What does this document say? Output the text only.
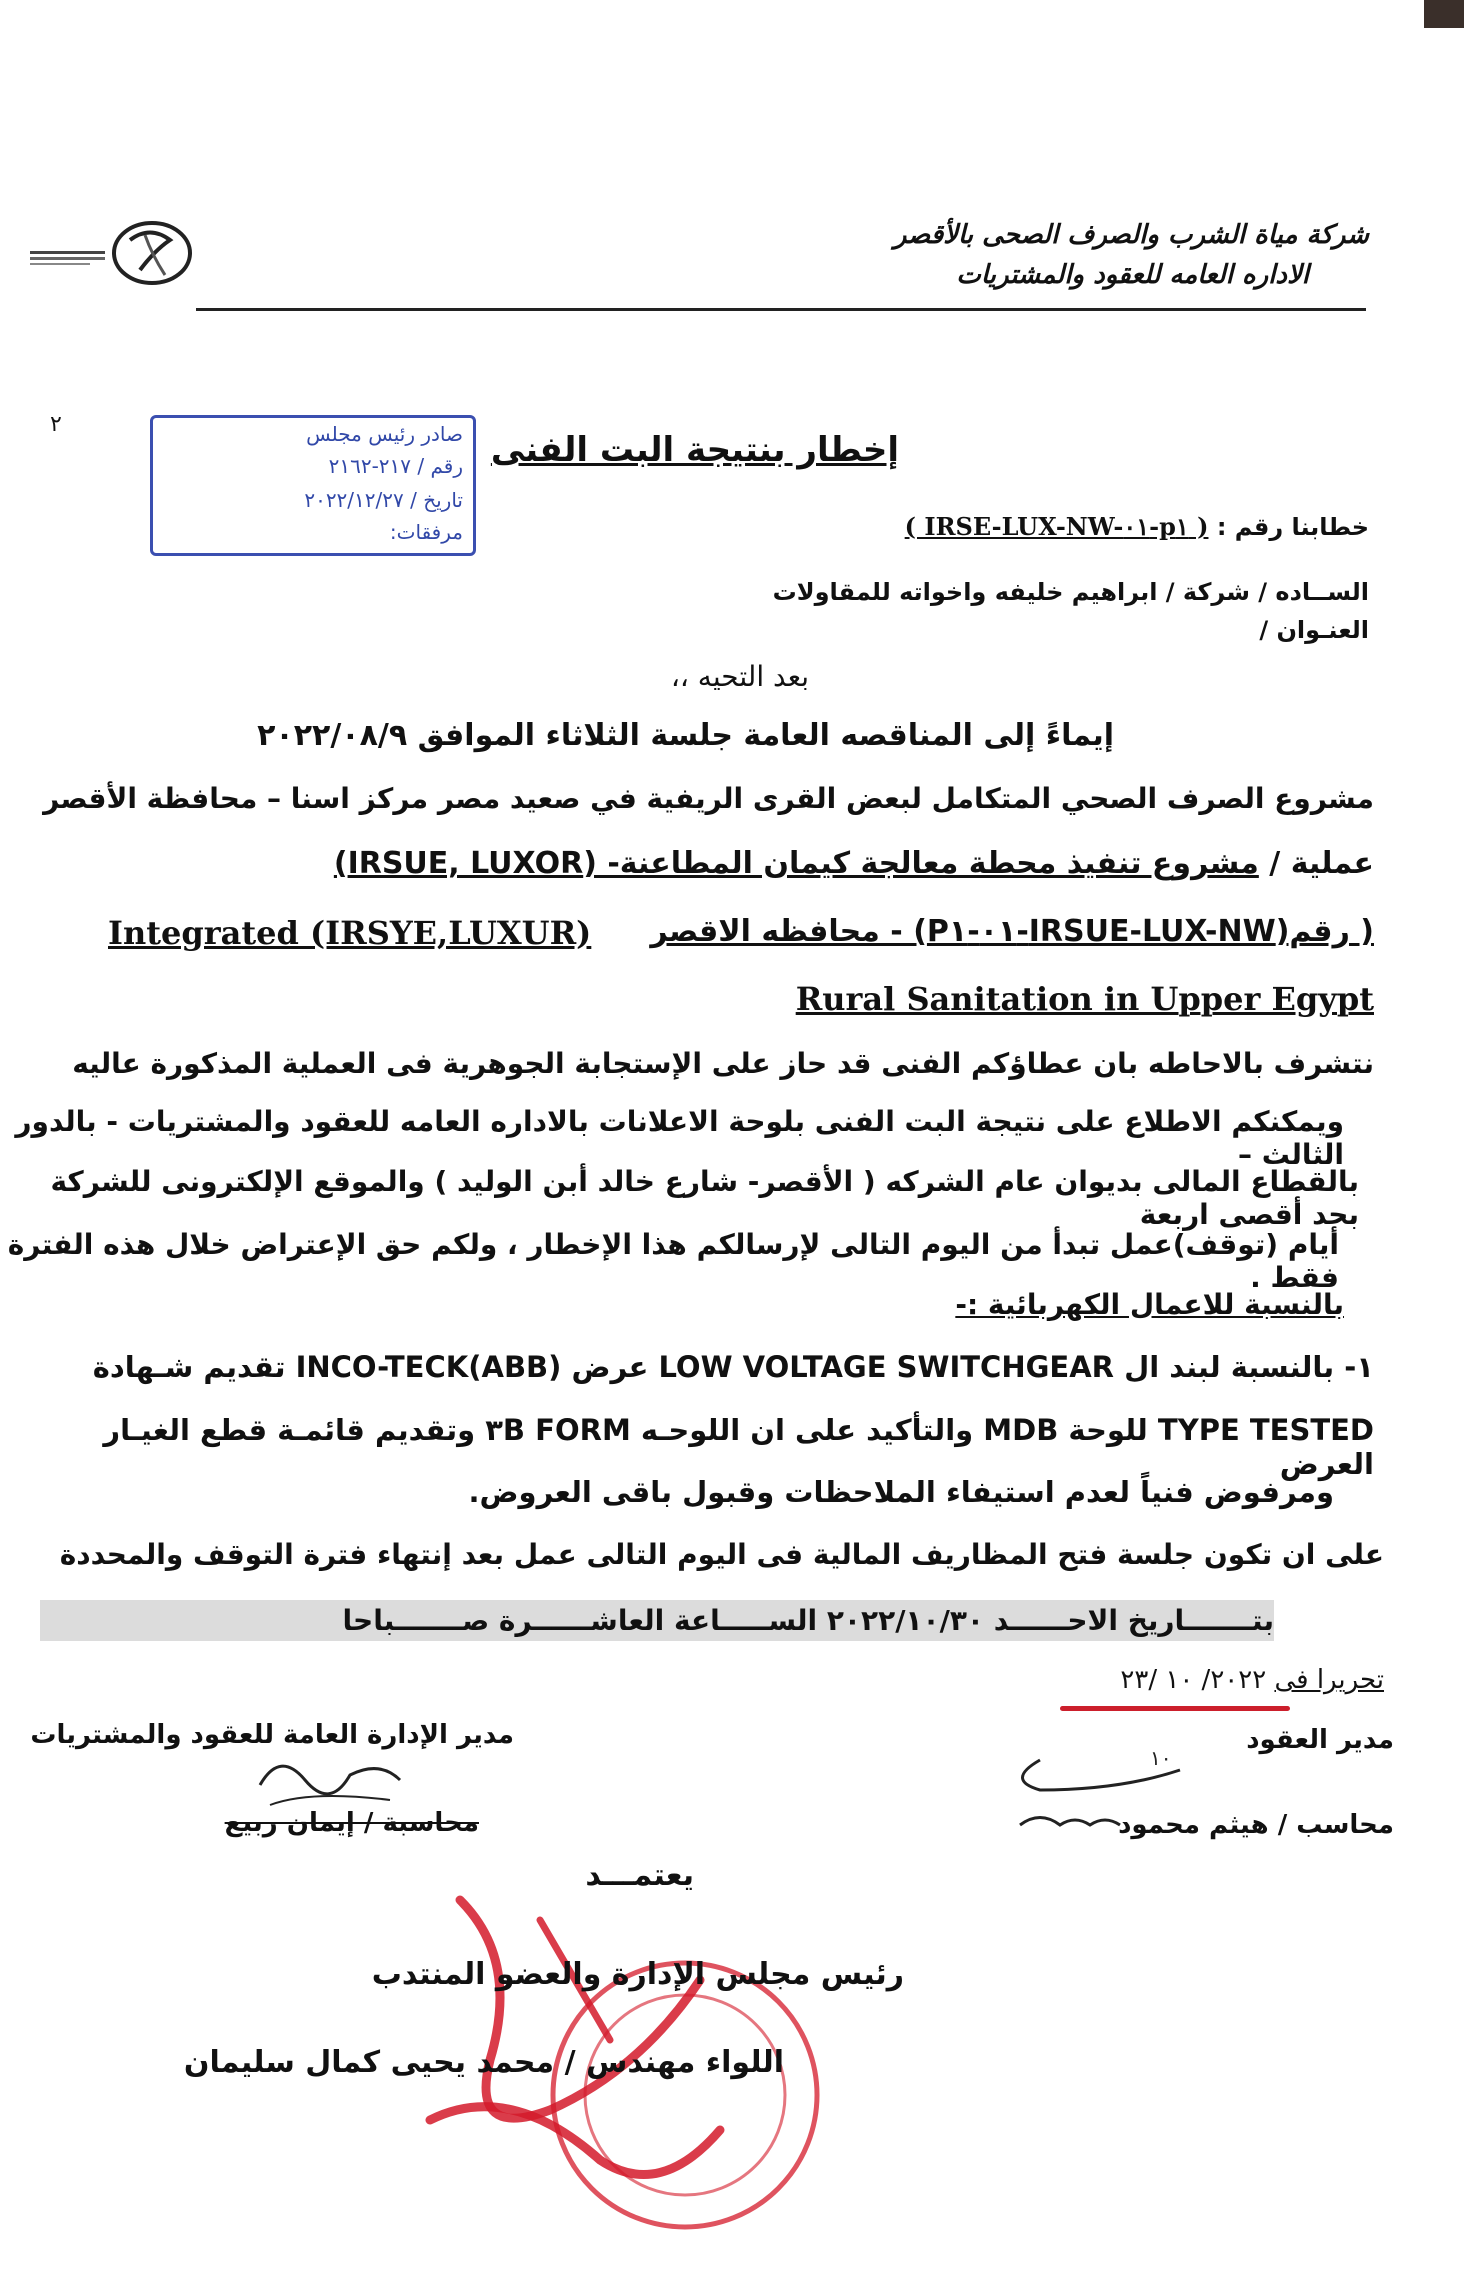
شركة مياة الشرب والصرف الصحى بالأقصر
الاداره العامه للعقود والمشتريات
صادر رئيس مجلس
رقم / ٢١٧-٢١٦٢
تاريخ / ٢٠٢٢/١٢/٢٧
مرفقات:
٢
إخطار بنتيجة البت الفنى
خطابنا رقم : ( IRSE-LUX-NW-٠١-p١ )
الســاده / شركة / ابراهيم خليفه واخواته للمقاولات
العنـوان /
بعد التحيه ،،
إيماءً إلى المناقصه العامة جلسة الثلاثاء الموافق ٢٠٢٢/٠٨/٩
مشروع الصرف الصحي المتكامل لبعض القرى الريفية في صعيد مصر مركز اسنا – محافظة الأقصر
عملية / مشروع تنفيذ محطة معالجة كيمان المطاعنة- (IRSUE, LUXOR)
( رقم(IRSUE-LUX-NW-٠١-P١) - محافظه الاقصر
Integrated (IRSYE,LUXUR)
Rural Sanitation in Upper Egypt
نتشرف بالاحاطه بان عطاؤكم الفنى قد حاز على الإستجابة الجوهرية فى العملية المذكورة عاليه
ويمكنكم الاطلاع على نتيجة البت الفنى بلوحة الاعلانات بالاداره العامه للعقود والمشتريات - بالدور الثالث –
بالقطاع المالى بديوان عام الشركه ( الأقصر- شارع خالد أبن الوليد ) والموقع الإلكترونى للشركة بحد أقصى اربعة
أيام (توقف)عمل تبدأ من اليوم التالى لإرسالكم هذا الإخطار ، ولكم حق الإعتراض خلال هذه الفترة فقط .
بالنسبة للاعمال الكهربائية :-
١- بالنسبة لبند ال LOW VOLTAGE SWITCHGEAR عرض INCO-TECK(ABB) تقديم شـهادة
TYPE TESTED للوحة MDB والتأكيد على ان اللوحـه FORM ٣B وتقديم قائمـة قطع الغيـار العرض
ومرفوض فنياً لعدم استيفاء الملاحظات وقبول باقى العروض.
على ان تكون جلسة فتح المظاريف المالية فى اليوم التالى عمل بعد إنتهاء فترة التوقف والمحددة
بتـــــــاريخ الاحــــــد ٢٠٢٢/١٠/٣٠ الســـــاعة العاشــــــرة صـــــــباحا
تحريرا فى ٢٠٢٢/ ١٠ /٢٣
مدير الإدارة العامة للعقود والمشتريات	مدير العقود
١٠
محاسبة / إيمان ربيع	محاسب / هيثم محمود
يعتمـــد
رئيس مجلس الإدارة والعضو المنتدب
اللواء مهندس / محمد يحيى كمال سليمان
